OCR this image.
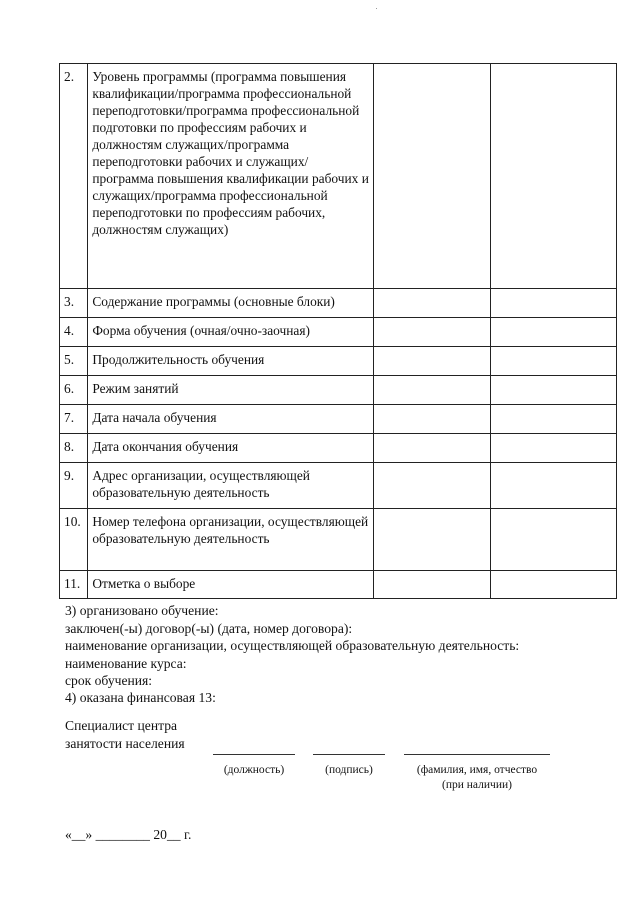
2.	Уровень программы (программа повышения квалификации/программа профессиональной переподготовки/программа профессиональной подготовки по профессиям рабочих и должностям служащих/программа переподготовки рабочих и служащих/программа повышения квалификации рабочих и служащих/программа профессиональной переподготовки по профессиям рабочих, должностям служащих)		
3.	Содержание программы (основные блоки)		
4.	Форма обучения (очная/очно-заочная)		
5.	Продолжительность обучения		
6.	Режим занятий		
7.	Дата начала обучения		
8.	Дата окончания обучения		
9.	Адрес организации, осуществляющей образовательную деятельность		
10.	Номер телефона организации, осуществляющей образовательную деятельность		
11.	Отметка о выборе		
3) организовано обучение:
заключен(-ы) договор(-ы) (дата, номер договора):
наименование организации, осуществляющей образовательную деятельность:
наименование курса:
срок обучения:
4) оказана финансовая 13:
Специалист центра
занятости населения
(должность)	(подпись)	(фамилия, имя, отчество
(при наличии)
«__» ________ 20__ г.
